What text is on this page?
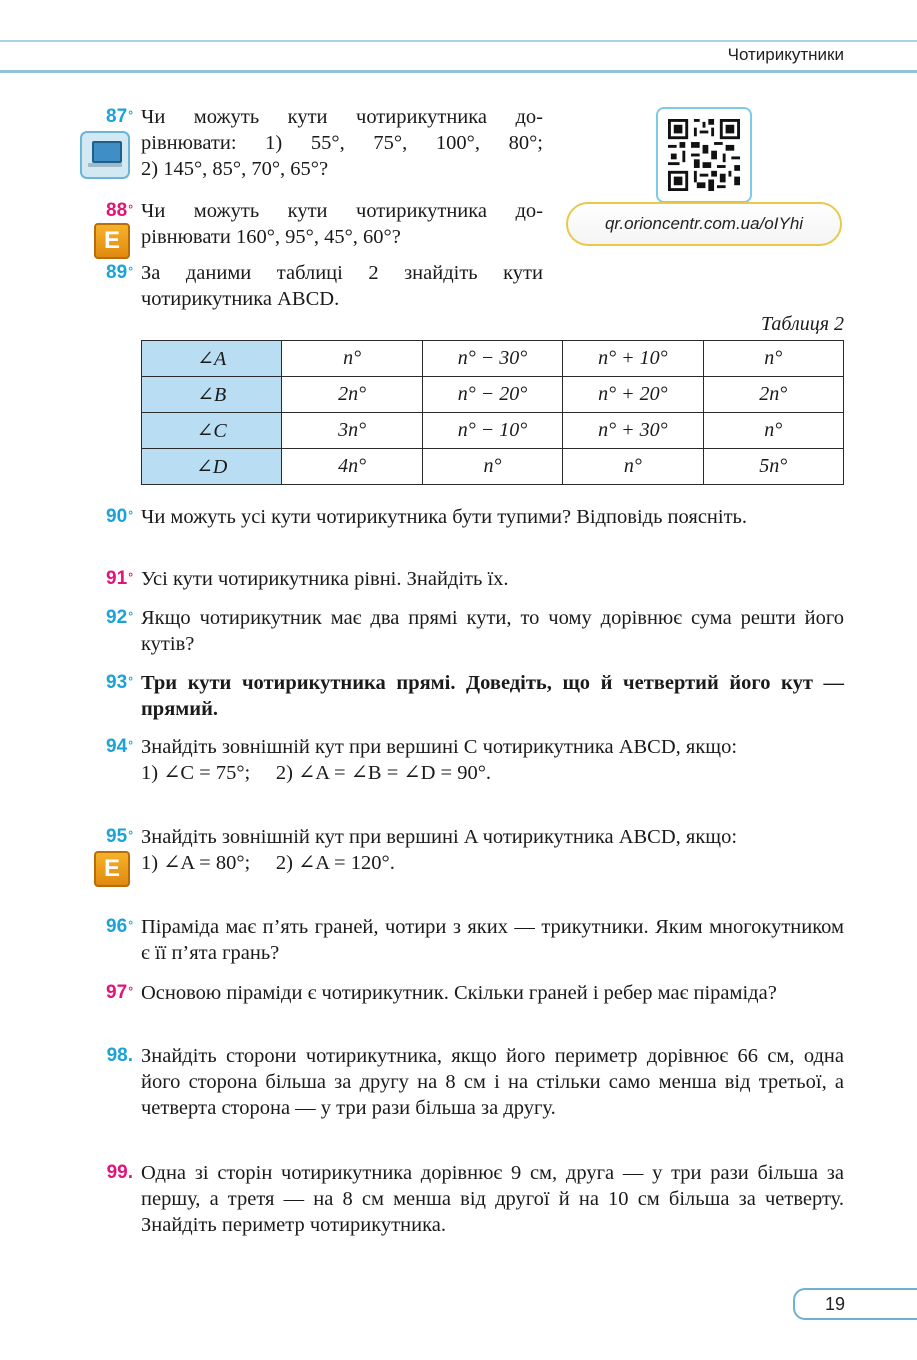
Чотирикутники
qr.orioncentr.com.ua/oIYhi
E
E
87° Чи можуть кути чотирикутника до-
рівнювати: 1) 55°, 75°, 100°, 80°;
2) 145°, 85°, 70°, 65°?
88° Чи можуть кути чотирикутника до-
рівнювати 160°, 95°, 45°, 60°?
89° За даними таблиці 2 знайдіть кути
чотирикутника ABCD.
Таблиця 2
∠A	n°	n° − 30°	n° + 10°	n°
∠B	2n°	n° − 20°	n° + 20°	2n°
∠C	3n°	n° − 10°	n° + 30°	n°
∠D	4n°	n°	n°	5n°
90° Чи можуть усі кути чотирикутника бути тупими? Відповідь поясніть.
91° Усі кути чотирикутника рівні. Знайдіть їх.
92° Якщо чотирикутник має два прямі кути, то чому дорівнює сума решти його кутів?
93° Три кути чотирикутника прямі. Доведіть, що й четвертий його кут — прямий.
94° Знайдіть зовнішній кут при вершині C чотирикутника ABCD, якщо:
1) ∠C = 75°;     2) ∠A = ∠B = ∠D = 90°.
95° Знайдіть зовнішній кут при вершині A чотирикутника ABCD, якщо:
1) ∠A = 80°;     2) ∠A = 120°.
96° Піраміда має п’ять граней, чотири з яких — трикутники. Яким многокутником є її п’ята грань?
97° Основою піраміди є чотирикутник. Скільки граней і ребер має піраміда?
98. Знайдіть сторони чотирикутника, якщо його периметр дорівнює 66 см, одна його сторона більша за другу на 8 см і на стільки само менша від третьої, а четверта сторона — у три рази більша за другу.
99. Одна зі сторін чотирикутника дорівнює 9 см, друга — у три рази більша за першу, а третя — на 8 см менша від другої й на 10 см більша за четверту. Знайдіть периметр чотирикутника.
19
